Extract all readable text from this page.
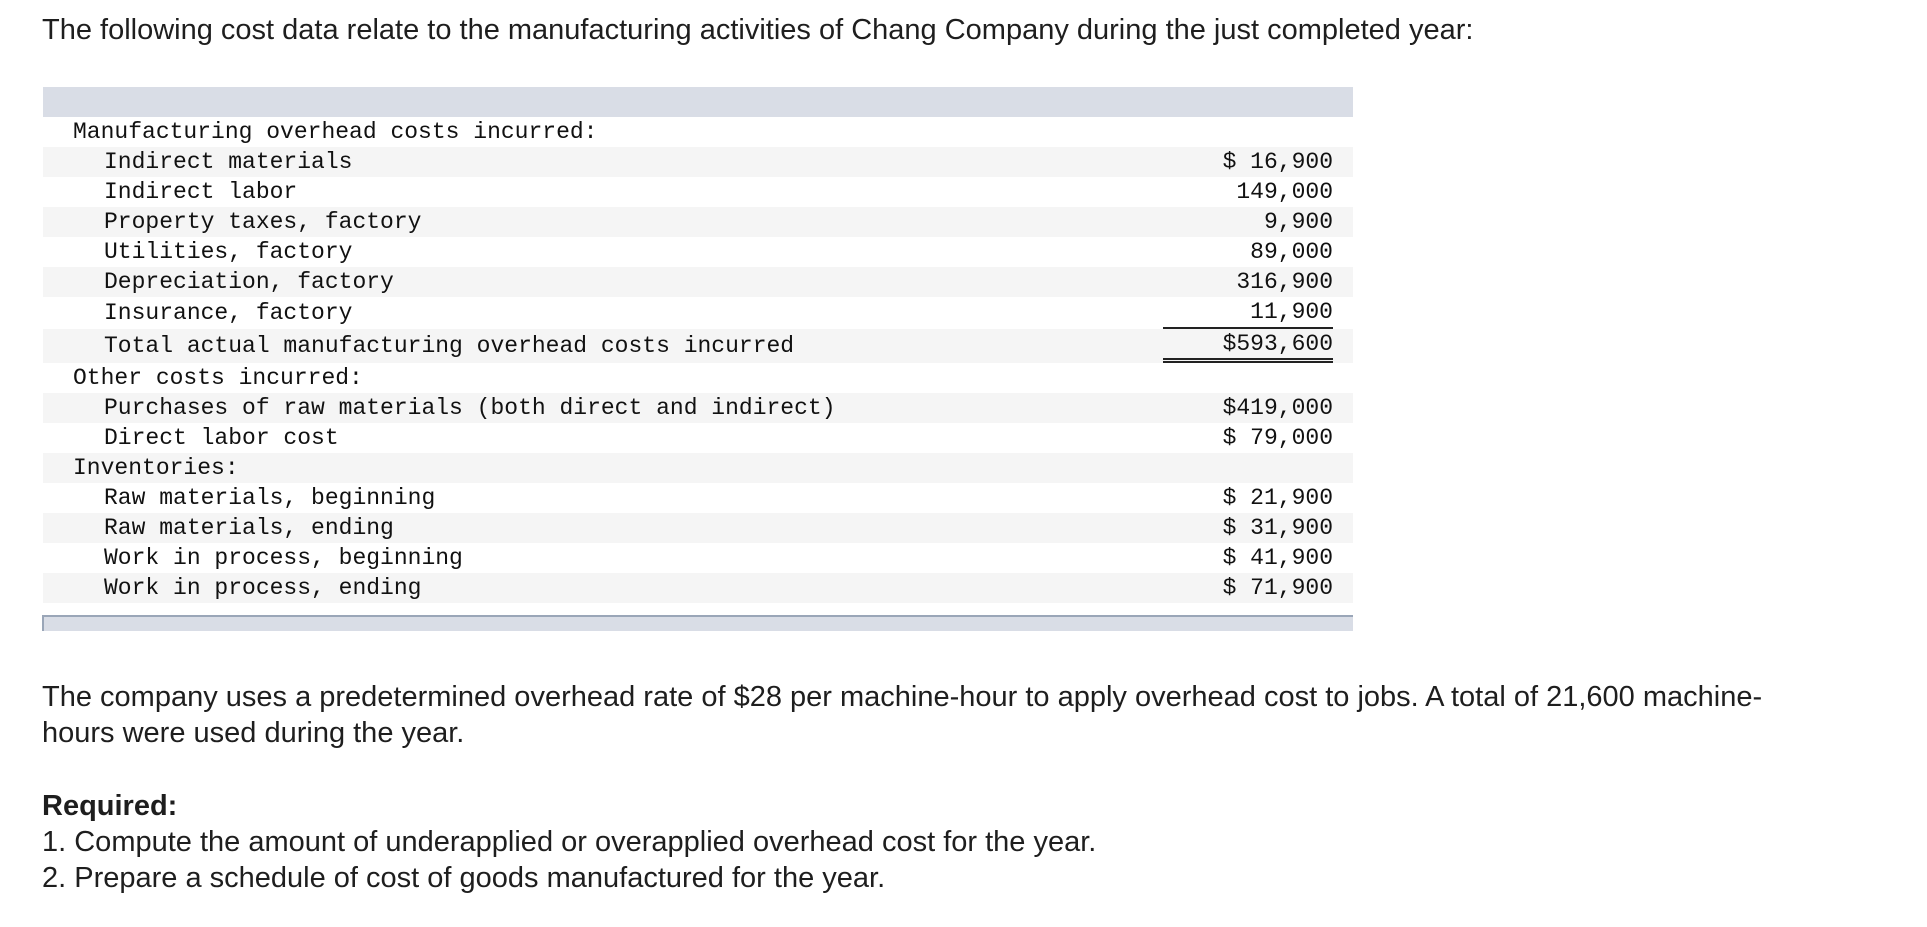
The following cost data relate to the manufacturing activities of Chang Company during the just completed year:

Manufacturing overhead costs incurred:	

Indirect materials	$ 16,900

Indirect labor	149,000

Property taxes, factory	9,900

Utilities, factory	89,000

Depreciation, factory	316,900

Insurance, factory	11,900

Total actual manufacturing overhead costs incurred	$593,600

Other costs incurred:	

Purchases of raw materials (both direct and indirect)	$419,000

Direct labor cost	$ 79,000

Inventories:	

Raw materials, beginning	$ 21,900

Raw materials, ending	$ 31,900

Work in process, beginning	$ 41,900

Work in process, ending	$ 71,900

The company uses a predetermined overhead rate of $28 per machine-hour to apply overhead cost to jobs. A total of 21,600 machine-

hours were used during the year.

Required:

1. Compute the amount of underapplied or overapplied overhead cost for the year.

2. Prepare a schedule of cost of goods manufactured for the year.
